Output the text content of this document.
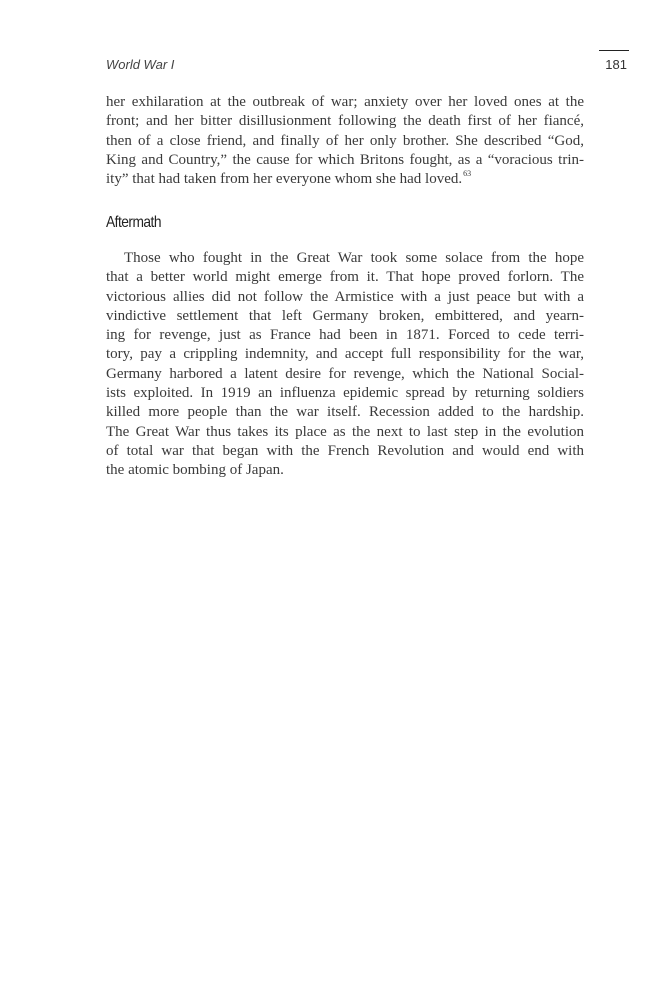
World War I	181
her exhilaration at the outbreak of war; anxiety over her loved ones at the
front; and her bitter disillusionment following the death first of her fiancé,
then of a close friend, and finally of her only brother. She described “God,
King and Country,” the cause for which Britons fought, as a “voracious trin-
ity” that had taken from her everyone whom she had loved.$^{63}$
Aftermath
Those who fought in the Great War took some solace from the hope
that a better world might emerge from it. That hope proved forlorn. The
victorious allies did not follow the Armistice with a just peace but with a
vindictive settlement that left Germany broken, embittered, and yearn-
ing for revenge, just as France had been in 1871. Forced to cede terri-
tory, pay a crippling indemnity, and accept full responsibility for the war,
Germany harbored a latent desire for revenge, which the National Social-
ists exploited. In 1919 an influenza epidemic spread by returning soldiers
killed more people than the war itself. Recession added to the hardship.
The Great War thus takes its place as the next to last step in the evolution
of total war that began with the French Revolution and would end with
the atomic bombing of Japan.
